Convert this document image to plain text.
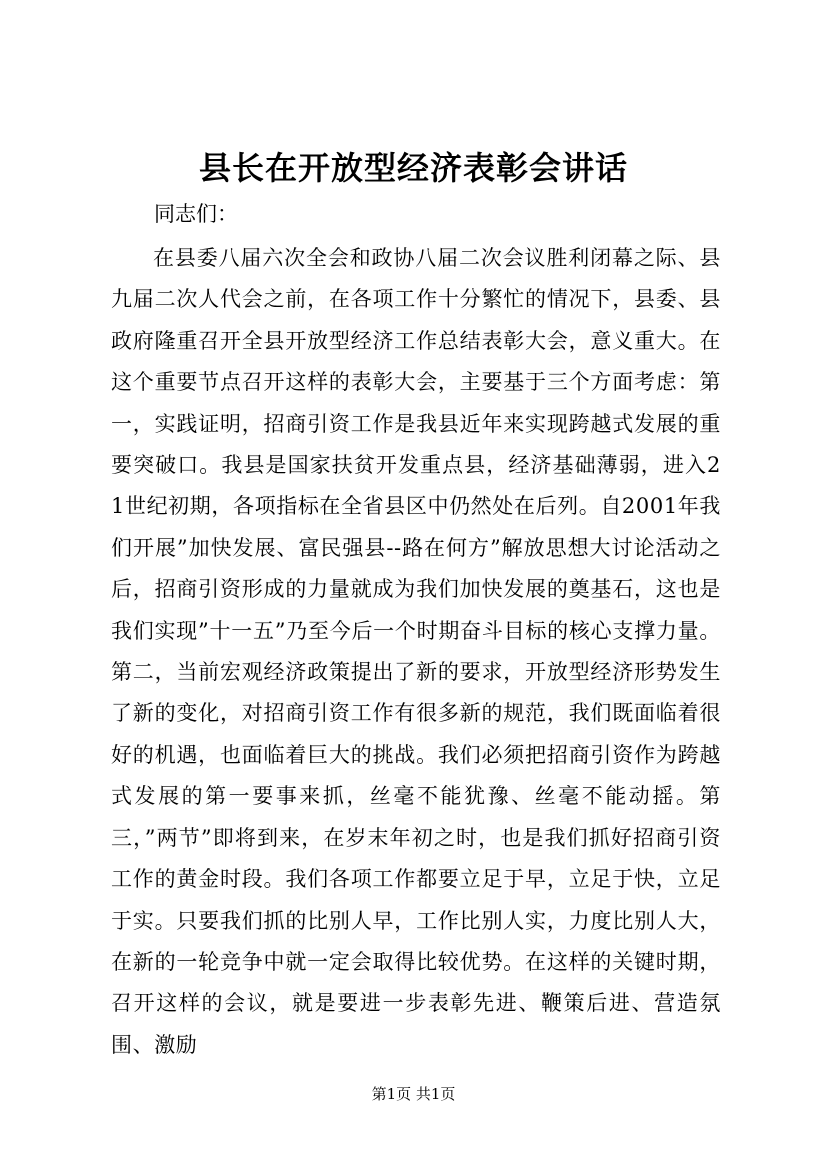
县长在开放型经济表彰会讲话

同志们：

在县委八届六次全会和政协八届二次会议胜利闭幕之际、县九届二次人代会之前，在各项工作十分繁忙的情况下，县委、县政府隆重召开全县开放型经济工作总结表彰大会，意义重大。在这个重要节点召开这样的表彰大会，主要基于三个方面考虑：第一，实践证明，招商引资工作是我县近年来实现跨越式发展的重要突破口。我县是国家扶贫开发重点县，经济基础薄弱，进入21世纪初期，各项指标在全省县区中仍然处在后列。自2001年我们开展”加快发展、富民强县--路在何方”解放思想大讨论活动之后，招商引资形成的力量就成为我们加快发展的奠基石，这也是我们实现”十一五”乃至今后一个时期奋斗目标的核心支撑力量。第二，当前宏观经济政策提出了新的要求，开放型经济形势发生了新的变化，对招商引资工作有很多新的规范，我们既面临着很好的机遇，也面临着巨大的挑战。我们必须把招商引资作为跨越式发展的第一要事来抓，丝毫不能犹豫、丝毫不能动摇。第三，”两节”即将到来，在岁末年初之时，也是我们抓好招商引资工作的黄金时段。我们各项工作都要立足于早，立足于快，立足于实。只要我们抓的比别人早，工作比别人实，力度比别人大，在新的一轮竞争中就一定会取得比较优势。在这样的关键时期，召开这样的会议，就是要进一步表彰先进、鞭策后进、营造氛围、激励

第1页 共1页
